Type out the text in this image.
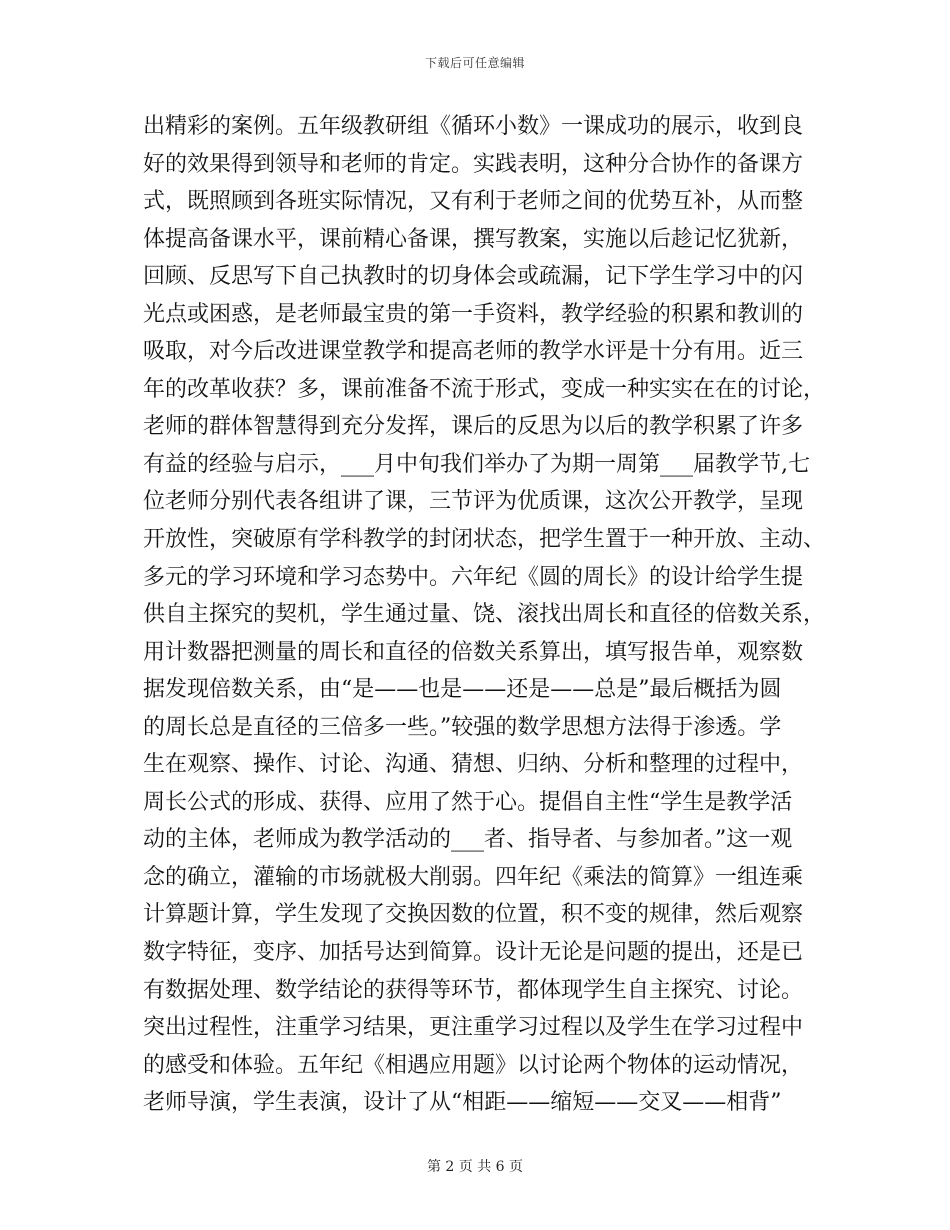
下载后可任意编辑
出精彩的案例。五年级教研组《循环小数》一课成功的展示，收到良
好的效果得到领导和老师的肯定。实践表明，这种分合协作的备课方
式，既照顾到各班实际情况，又有利于老师之间的优势互补，从而整
体提高备课水平，课前精心备课，撰写教案，实施以后趁记忆犹新，
回顾、反思写下自己执教时的切身体会或疏漏，记下学生学习中的闪
光点或困惑，是老师最宝贵的第一手资料，教学经验的积累和教训的
吸取，对今后改进课堂教学和提高老师的教学水评是十分有用。近三
年的改革收获？多，课前准备不流于形式，变成一种实实在在的讨论，
老师的群体智慧得到充分发挥，课后的反思为以后的教学积累了许多
有益的经验与启示，___月中旬我们举办了为期一周第___届教学节,七
位老师分别代表各组讲了课，三节评为优质课，这次公开教学，呈现
开放性，突破原有学科教学的封闭状态，把学生置于一种开放、主动、
多元的学习环境和学习态势中。六年纪《圆的周长》的设计给学生提
供自主探究的契机，学生通过量、饶、滚找出周长和直径的倍数关系，
用计数器把测量的周长和直径的倍数关系算出，填写报告单，观察数
据发现倍数关系，由“是——也是——还是——总是”最后概括为圆
的周长总是直径的三倍多一些。”较强的数学思想方法得于渗透。学
生在观察、操作、讨论、沟通、猜想、归纳、分析和整理的过程中，
周长公式的形成、获得、应用了然于心。提倡自主性“学生是教学活
动的主体，老师成为教学活动的___者、指导者、与参加者。”这一观
念的确立，灌输的市场就极大削弱。四年纪《乘法的简算》一组连乘
计算题计算，学生发现了交换因数的位置，积不变的规律，然后观察
数字特征，变序、加括号达到简算。设计无论是问题的提出，还是已
有数据处理、数学结论的获得等环节，都体现学生自主探究、讨论。
突出过程性，注重学习结果，更注重学习过程以及学生在学习过程中
的感受和体验。五年纪《相遇应用题》以讨论两个物体的运动情况，
老师导演，学生表演，设计了从“相距——缩短——交叉——相背”
第 2 页 共 6 页
